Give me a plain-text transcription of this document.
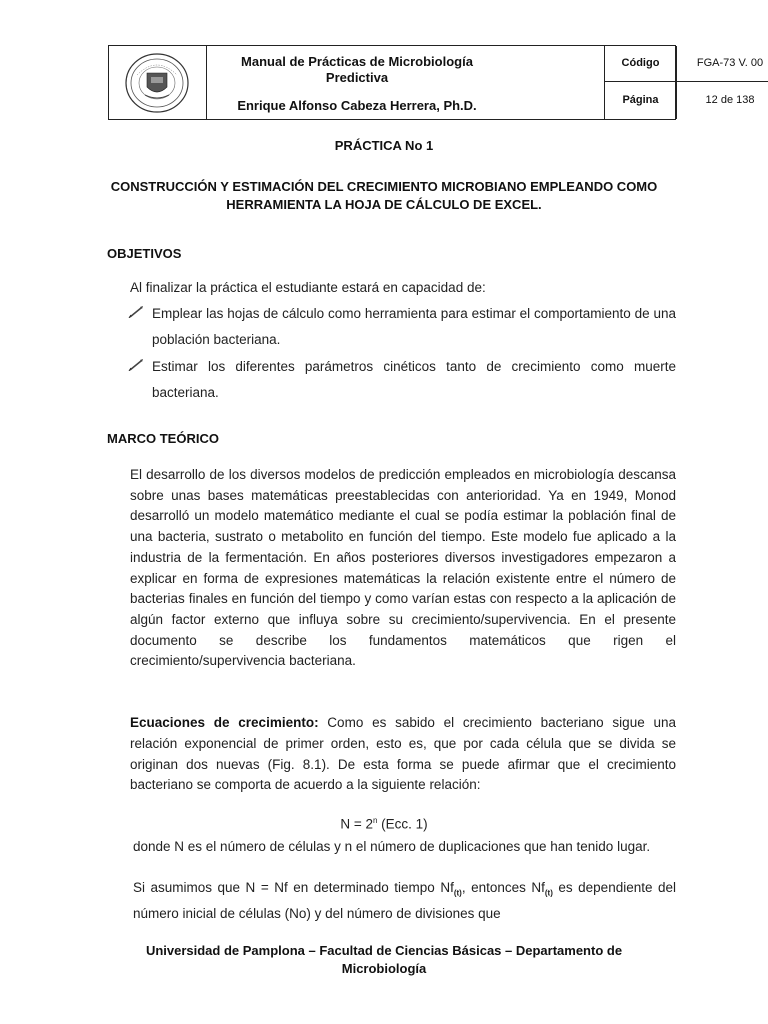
Manual de Prácticas de Microbiología Predictiva
Enrique Alfonso Cabeza Herrera, Ph.D.
Código	FGA-73 V. 00
Página	12 de 138
PRÁCTICA No 1
CONSTRUCCIÓN Y ESTIMACIÓN DEL CRECIMIENTO MICROBIANO EMPLEANDO COMO HERRAMIENTA LA HOJA DE CÁLCULO DE EXCEL.
OBJETIVOS
Al finalizar la práctica el estudiante estará en capacidad de:
Emplear las hojas de cálculo como herramienta para estimar el comportamiento de una población bacteriana.
Estimar los diferentes parámetros cinéticos tanto de crecimiento como muerte bacteriana.
MARCO TEÓRICO
El desarrollo de los diversos modelos de predicción empleados en microbiología descansa sobre unas bases matemáticas preestablecidas con anterioridad. Ya en 1949, Monod desarrolló un modelo matemático mediante el cual se podía estimar la población final de una bacteria, sustrato o metabolito en función del tiempo. Este modelo fue aplicado a la industria de la fermentación. En años posteriores diversos investigadores empezaron a explicar en forma de expresiones matemáticas la relación existente entre el número de bacterias finales en función del tiempo y como varían estas con respecto a la aplicación de algún factor externo que influya sobre su crecimiento/supervivencia. En el presente documento se describe los fundamentos matemáticos que rigen el crecimiento/supervivencia bacteriana.
Ecuaciones de crecimiento: Como es sabido el crecimiento bacteriano sigue una relación exponencial de primer orden, esto es, que por cada célula que se divida se originan dos nuevas (Fig. 8.1). De esta forma se puede afirmar que el crecimiento bacteriano se comporta de acuerdo a la siguiente relación:
$N = 2^n$ (Ecc. 1)
donde N es el número de células y n el número de duplicaciones que han tenido lugar.
Si asumimos que N = Nf en determinado tiempo $Nf_{(t)}$, entonces $Nf_{(t)}$ es dependiente del número inicial de células (No) y del número de divisiones que
Universidad de Pamplona – Facultad de Ciencias Básicas – Departamento de Microbiología
